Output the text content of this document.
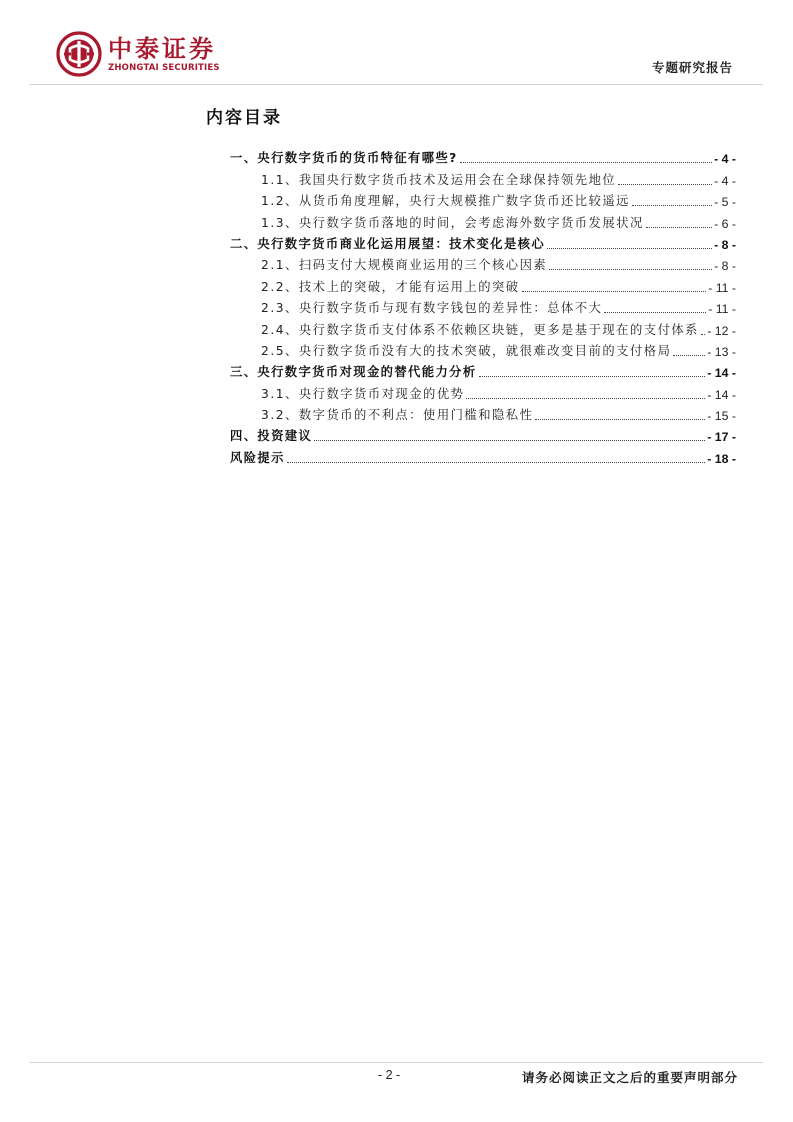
中泰证券
ZHONGTAI SECURITIES	专题研究报告
内容目录
一、央行数字货币的货币特征有哪些?	- 4 -
1.1、我国央行数字货币技术及运用会在全球保持领先地位	- 4 -
1.2、从货币角度理解，央行大规模推广数字货币还比较遥远	- 5 -
1.3、央行数字货币落地的时间，会考虑海外数字货币发展状况	- 6 -
二、央行数字货币商业化运用展望：技术变化是核心	- 8 -
2.1、扫码支付大规模商业运用的三个核心因素	- 8 -
2.2、技术上的突破，才能有运用上的突破	- 11 -
2.3、央行数字货币与现有数字钱包的差异性：总体不大	- 11 -
2.4、央行数字货币支付体系不依赖区块链，更多是基于现在的支付体系 - 12 -
2.5、央行数字货币没有大的技术突破，就很难改变目前的支付格局	- 13 -
三、央行数字货币对现金的替代能力分析	- 14 -
3.1、央行数字货币对现金的优势	- 14 -
3.2、数字货币的不利点：使用门槛和隐私性	- 15 -
四、投资建议	- 17 -
风险提示	- 18 -
- 2 -	请务必阅读正文之后的重要声明部分
